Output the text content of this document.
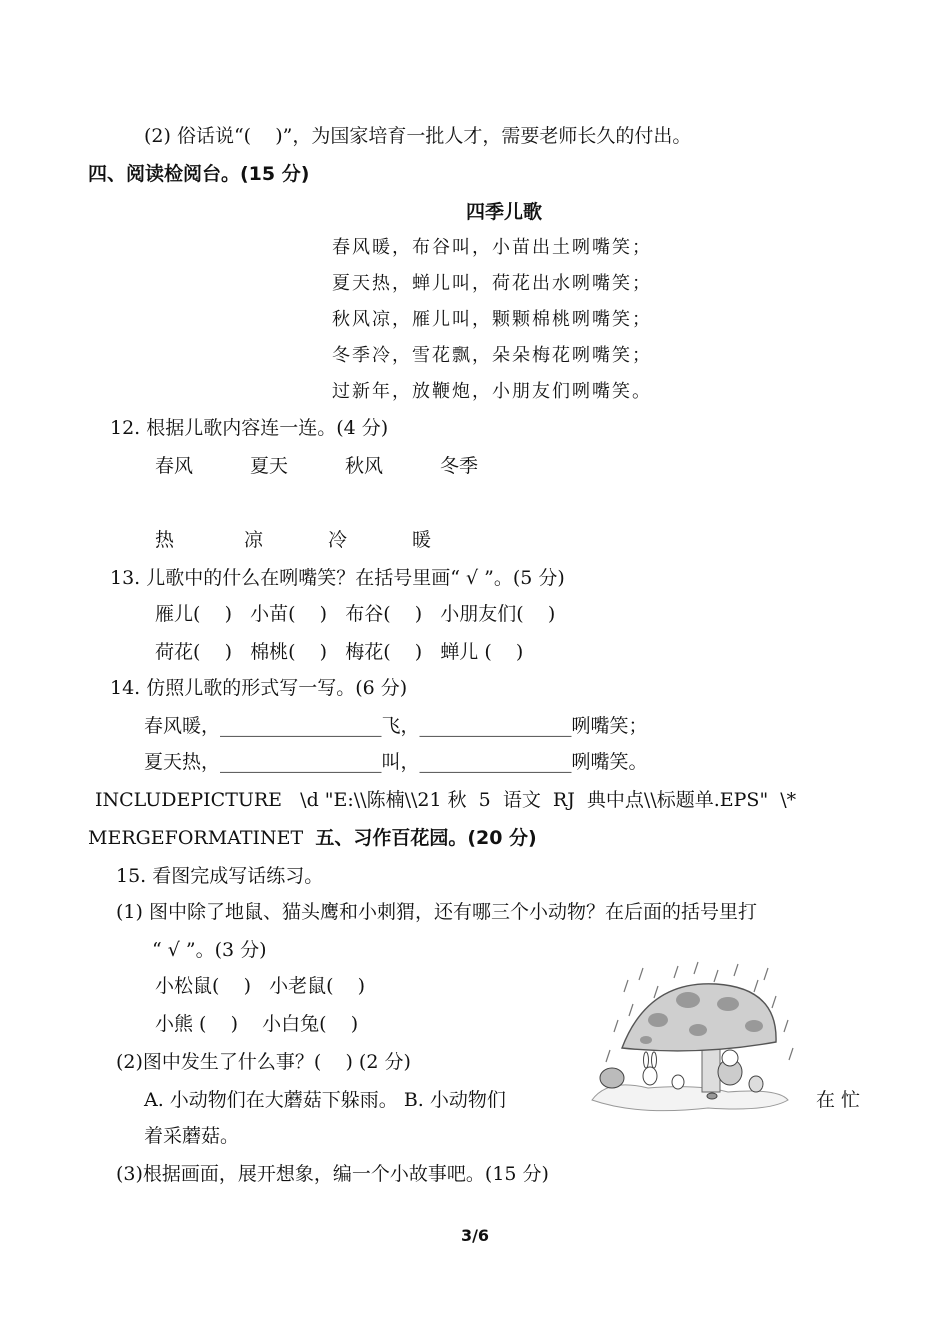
(2) 俗话说“(    )”，为国家培育一批人才，需要老师长久的付出。
四、阅读检阅台。(15 分)
四季儿歌
春风暖，布谷叫，小苗出土咧嘴笑；
夏天热，蝉儿叫，荷花出水咧嘴笑；
秋风凉，雁儿叫，颗颗棉桃咧嘴笑；
冬季冷，雪花飘，朵朵梅花咧嘴笑；
过新年，放鞭炮，小朋友们咧嘴笑。
12. 根据儿歌内容连一连。(4 分)
春风	夏天	秋风	冬季
热	凉	冷	暖
13. 儿歌中的什么在咧嘴笑？在括号里画“ √ ”。(5 分)
雁儿(    )   小苗(    )   布谷(    )   小朋友们(    )
荷花(    )   棉桃(    )   梅花(    )   蝉儿 (    )
14. 仿照儿歌的形式写一写。(6 分)
春风暖，_________________飞，________________咧嘴笑；
夏天热，_________________叫，________________咧嘴笑。
INCLUDEPICTURE   \d "E:\\陈楠\\21 秋  5  语文  RJ  典中点\\标题单.EPS"  \*
MERGEFORMATINET  五、习作百花园。(20 分)
15. 看图完成写话练习。
(1) 图中除了地鼠、猫头鹰和小刺猬，还有哪三个小动物？在后面的括号里打
“ √ ”。(3 分)
小松鼠(    )   小老鼠(    )
小熊 (    )    小白兔(    )
(2)图中发生了什么事？(    ) (2 分)
A. 小动物们在大蘑菇下躲雨。 B. 小动物们	在 忙
着采蘑菇。
(3)根据画面，展开想象，编一个小故事吧。(15 分)
3/6
